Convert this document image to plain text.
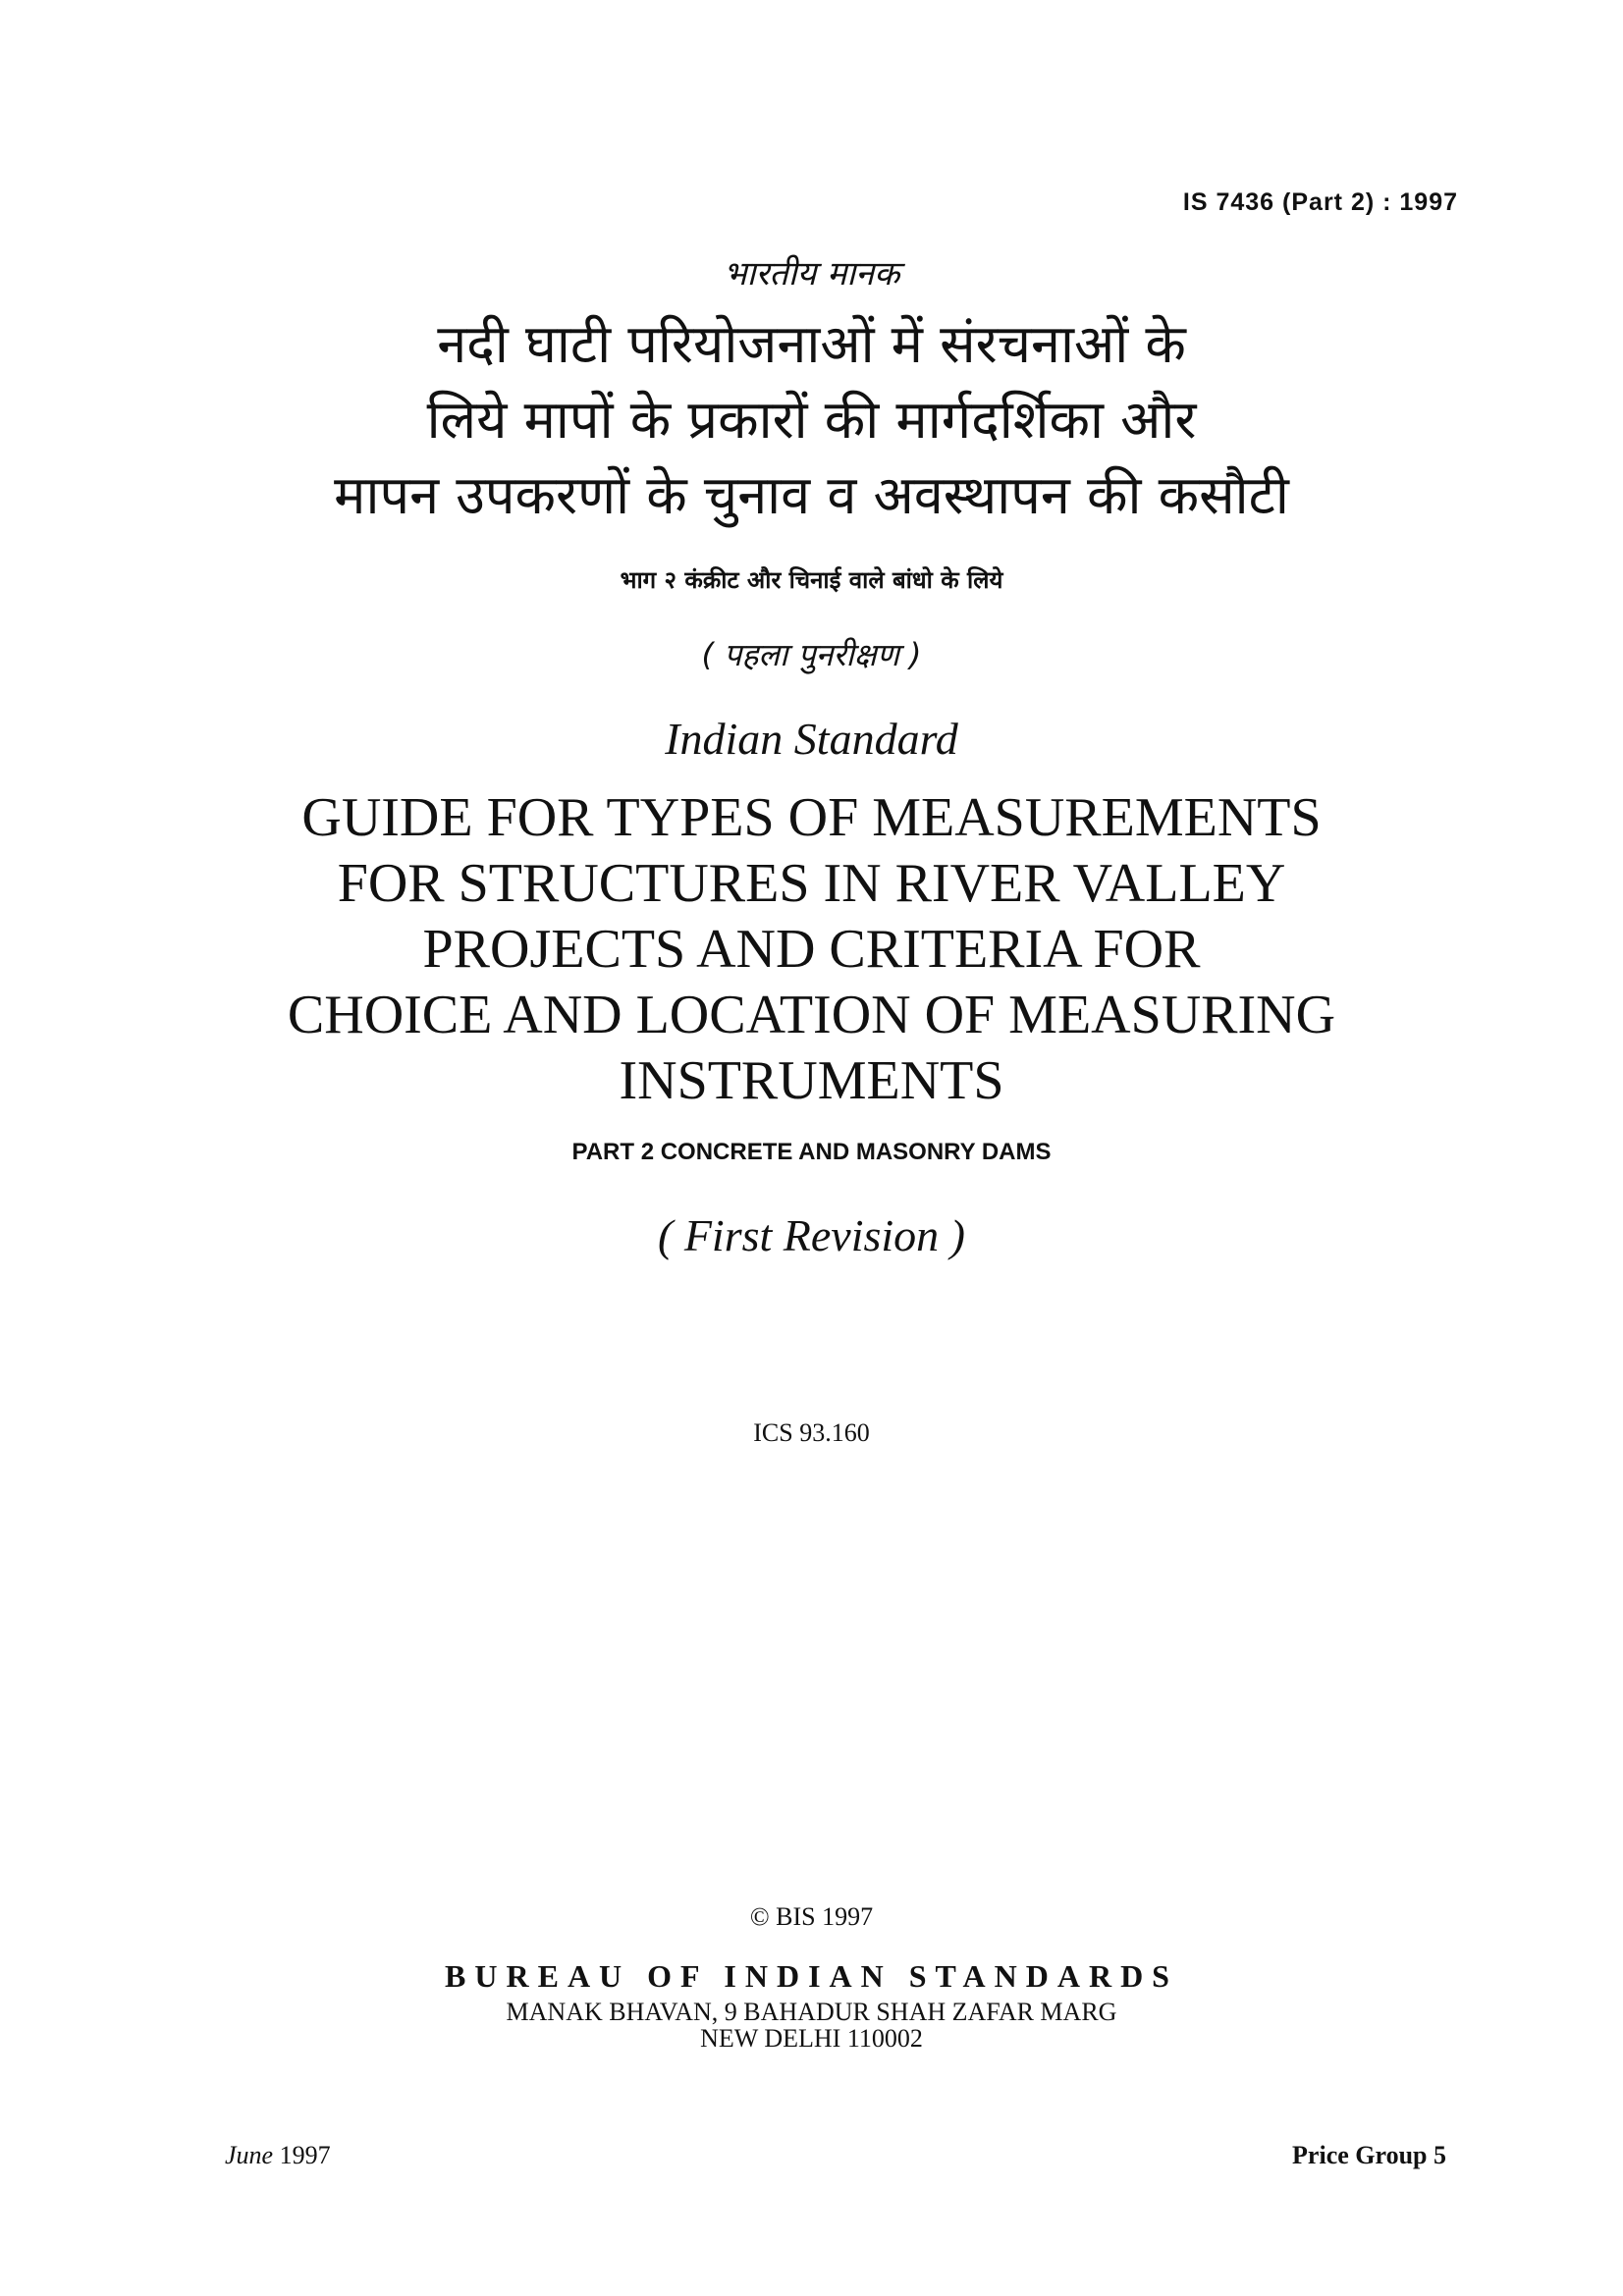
IS 7436 (Part 2) : 1997
भारतीय मानक
नदी घाटी परियोजनाओं में संरचनाओं के
लिये मापों के प्रकारों की मार्गदर्शिका और
मापन उपकरणों के चुनाव व अवस्थापन की कसौटी
भाग २ कंक्रीट और चिनाई वाले बांधो के लिये
( पहला पुनरीक्षण )
Indian Standard
GUIDE FOR TYPES OF MEASUREMENTS
FOR STRUCTURES IN RIVER VALLEY
PROJECTS AND CRITERIA FOR
CHOICE AND LOCATION OF MEASURING
INSTRUMENTS
PART 2 CONCRETE AND MASONRY DAMS
( First Revision )
ICS 93.160
© BIS 1997
BUREAU OF INDIAN STANDARDS
MANAK BHAVAN, 9 BAHADUR SHAH ZAFAR MARG
NEW DELHI 110002
June 1997	Price Group 5
